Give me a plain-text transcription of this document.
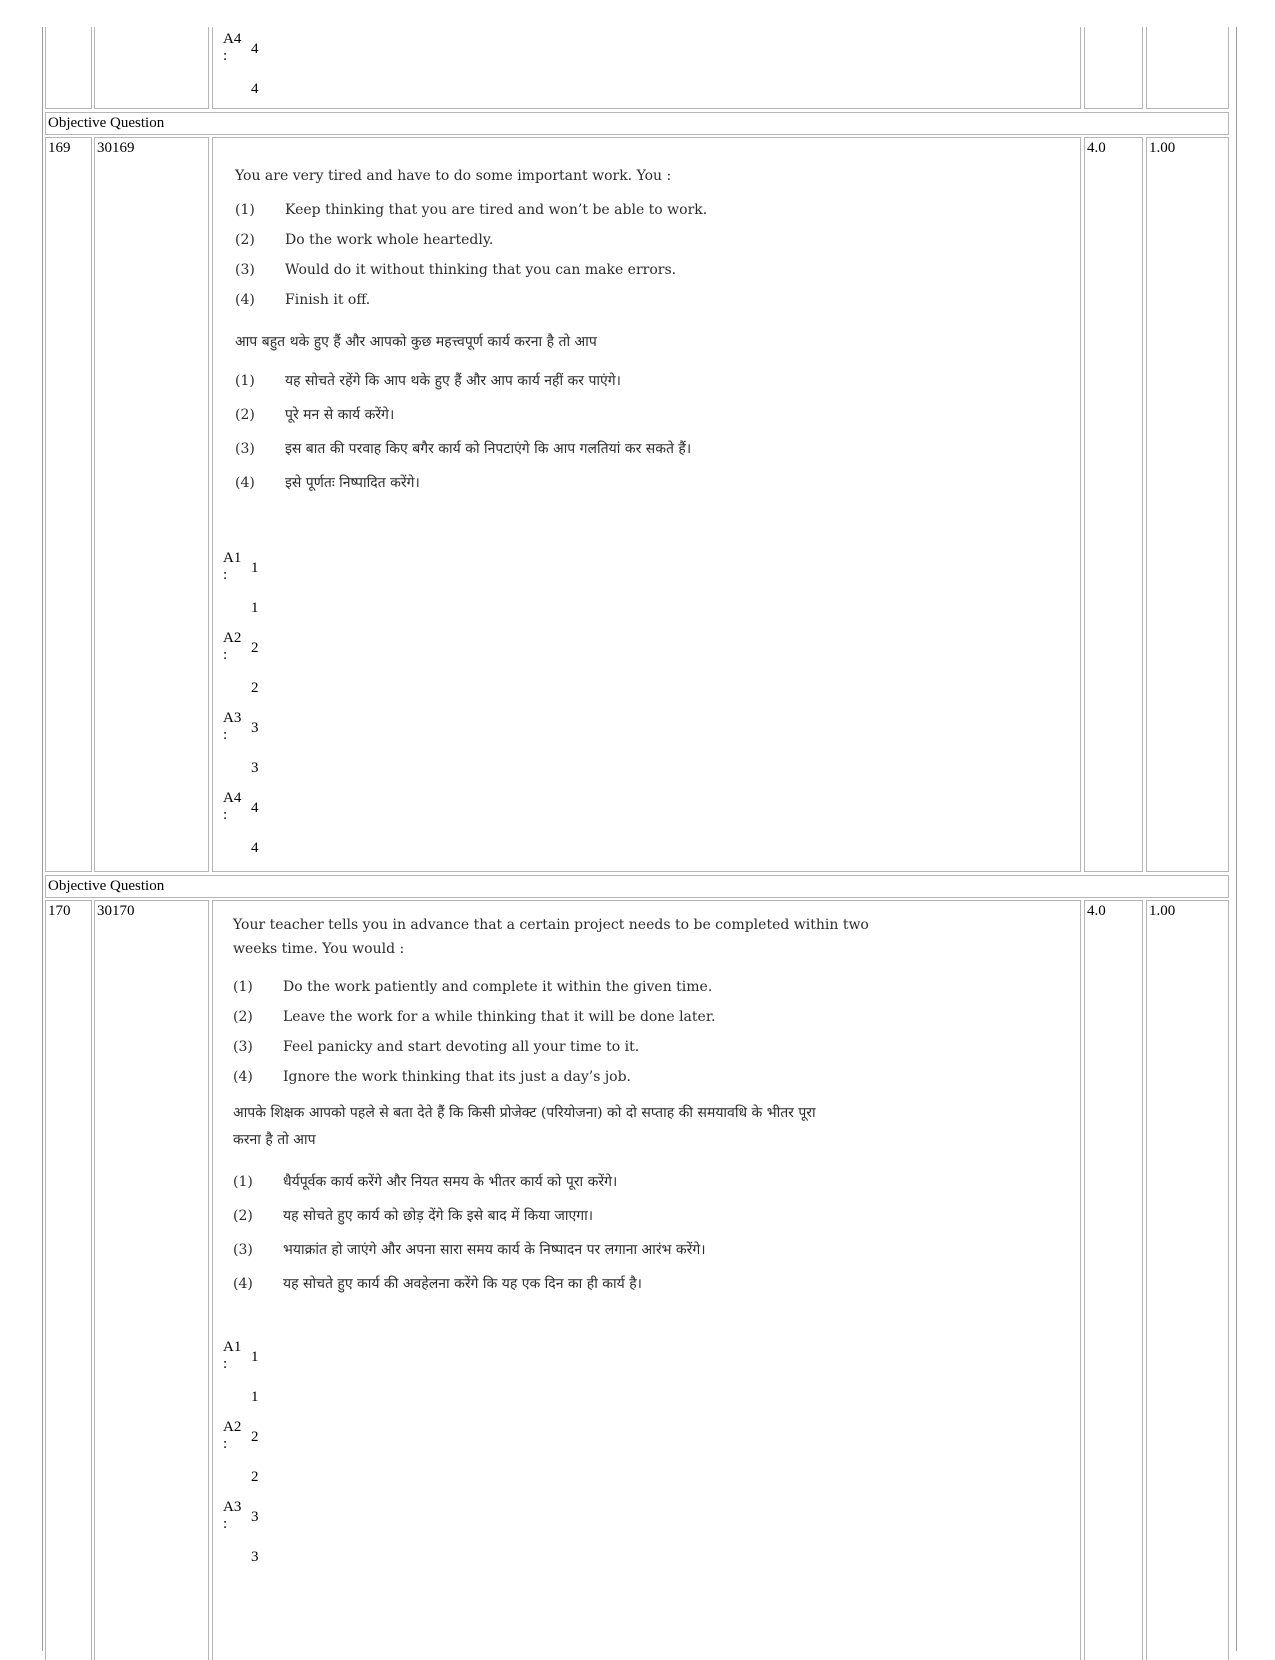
A4
: 4
4
Objective Question
169 30169
You are very tired and have to do some important work. You :
(1) Keep thinking that you are tired and won’t be able to work.
(2) Do the work whole heartedly.
(3) Would do it without thinking that you can make errors.
(4) Finish it off.
आप बहुत थके हुए हैं और आपको कुछ महत्त्वपूर्ण कार्य करना है तो आप
(1) यह सोचते रहेंगे कि आप थके हुए हैं और आप कार्य नहीं कर पाएंगे।
(2) पूरे मन से कार्य करेंगे।
(3) इस बात की परवाह किए बगैर कार्य को निपटाएंगे कि आप गलतियां कर सकते हैं।
(4) इसे पूर्णतः निष्पादित करेंगे।
A1
: 1
1
A2
: 2
2
A3
: 3
3
A4
: 4
4
4.0	1.00
Objective Question
170 30170
Your teacher tells you in advance that a certain project needs to be completed within two
weeks time. You would :
(1) Do the work patiently and complete it within the given time.
(2) Leave the work for a while thinking that it will be done later.
(3) Feel panicky and start devoting all your time to it.
(4) Ignore the work thinking that its just a day’s job.
आपके शिक्षक आपको पहले से बता देते हैं कि किसी प्रोजेक्ट (परियोजना) को दो सप्ताह की समयावधि के भीतर पूरा
करना है तो आप
(1) धैर्यपूर्वक कार्य करेंगे और नियत समय के भीतर कार्य को पूरा करेंगे।
(2) यह सोचते हुए कार्य को छोड़ देंगे कि इसे बाद में किया जाएगा।
(3) भयाक्रांत हो जाएंगे और अपना सारा समय कार्य के निष्पादन पर लगाना आरंभ करेंगे।
(4) यह सोचते हुए कार्य की अवहेलना करेंगे कि यह एक दिन का ही कार्य है।
A1
: 1
1
A2
: 2
2
A3
: 3
3
4.0	1.00
